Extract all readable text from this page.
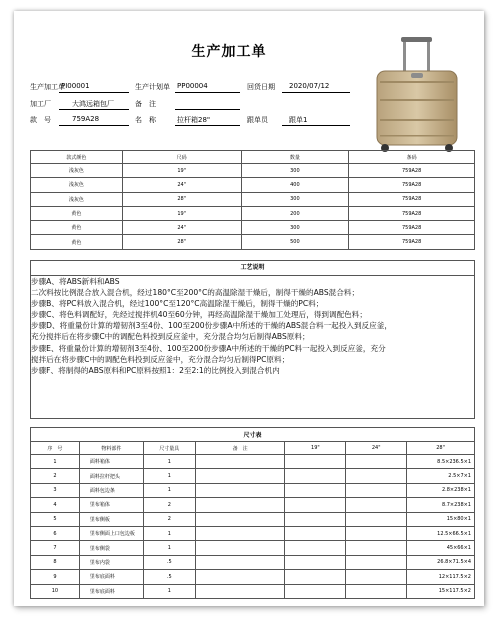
生产加工单
生产加工单
PI00001	生产计划单 PP00004	回货日期 2020/07/12
加工厂	大鸿远箱包厂	备　注
款　号	759A28	名　称	拉杆箱28"	跟单员	跟单1
款式颜色	尺码	数量	条码
浅灰色	19"	300	759A28
浅灰色	24"	400	759A28
浅灰色	28"	300	759A28
黄色	19"	200	759A28
黄色	24"	300	759A28
黄色	28"	500	759A28
工艺说明
步骤A、将ABS新料和ABS
二次料按比例混合放入混合机，经过180°C至200°C的高温除湿干燥后，制得干燥的ABS混合料；
步骤B、将PC料放入混合机，经过100°C至120°C高温除湿干燥后，制得干燥的PC料；
步骤C、将色料调配好，先经过搅拌机40至60分钟，再经高温除湿干燥加工处理后，得到调配色料；
步骤D、将重量份计算的增韧剂3至4份、100至200份步骤A中所述的干燥的ABS混合料一起投入到反应釜，
充分搅拌后在将步骤C中的调配色料投到反应釜中，充分混合均匀后制得ABS原料；
步骤E、将重量份计算的增韧剂3至4份、100至200份步骤A中所述的干燥的PC料一起投入到反应釜，充分
搅拌后在将步骤C中的调配色料投到反应釜中，充分混合均匀后制得PC原料；
步骤F、将制得的ABS原料和PC原料按照1：2至2:1的比例投入到混合机内
尺寸表
序　号	物料部件	尺寸量具	备　注	19"	24"	28"
1	面料箱体	1				8.5×236.5×1
2	面料拉杆把头	1				2.5×7×1
3	面料包边条	1				2.8×238×1
4	里布箱体	2				8.7×238×1
5	里布侧板	2				15×80×1
6	里布侧面上口包边板	1				12.5×66.5×1
7	里布侧袋	1				45×66×1
8	里布内袋	.5				26.8×71.5×4
9	里布底面料	.5				12×117.5×2
10	里布底面料	1				15×117.5×2
